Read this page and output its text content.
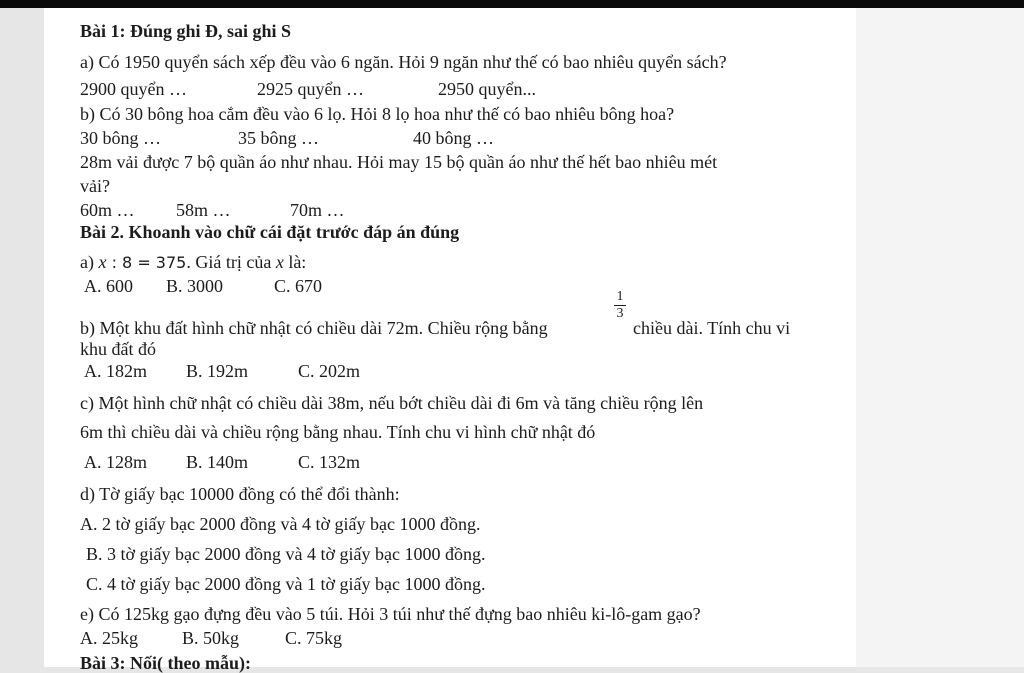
Bài 1: Đúng ghi Đ, sai ghi S
a) Có 1950 quyển sách xếp đều vào 6 ngăn. Hỏi 9 ngăn như thế có bao nhiêu quyển sách?
2900 quyển …	2925 quyển …	2950 quyển...
b) Có 30 bông hoa cắm đều vào 6 lọ. Hỏi 8 lọ hoa như thế có bao nhiêu bông hoa?
30 bông …	35 bông …	40 bông …
28m vải được 7 bộ quần áo như nhau. Hỏi may 15 bộ quần áo như thế hết bao nhiêu mét
vải?
60m … 58m …	70m …
Bài 2. Khoanh vào chữ cái đặt trước đáp án đúng
a) x : 8 = 375. Giá trị của x là:
A. 600 B. 3000	C. 670
b) Một khu đất hình chữ nhật có chiều dài 72m. Chiều rộng bằng
1
3
chiều dài. Tính chu vi
khu đất đó
A. 182m B. 192m	C. 202m
c) Một hình chữ nhật có chiều dài 38m, nếu bớt chiều dài đi 6m và tăng chiều rộng lên
6m thì chiều dài và chiều rộng bằng nhau. Tính chu vi hình chữ nhật đó
A. 128m B. 140m	C. 132m
d) Tờ giấy bạc 10000 đồng có thể đổi thành:
A. 2 tờ giấy bạc 2000 đồng và 4 tờ giấy bạc 1000 đồng.
B. 3 tờ giấy bạc 2000 đồng và 4 tờ giấy bạc 1000 đồng.
C. 4 tờ giấy bạc 2000 đồng và 1 tờ giấy bạc 1000 đồng.
e) Có 125kg gạo đựng đều vào 5 túi. Hỏi 3 túi như thế đựng bao nhiêu ki-lô-gam gạo?
A. 25kg B. 50kg	C. 75kg
Bài 3: Nối( theo mẫu):
